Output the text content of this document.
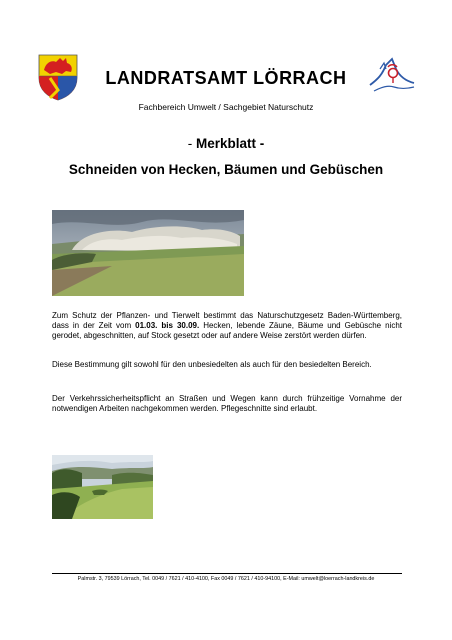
LANDRATSAMT LÖRRACH
Fachbereich Umwelt / Sachgebiet Naturschutz
- Merkblatt -
Schneiden von Hecken, Bäumen und Gebüschen
Zum Schutz der Pflanzen- und Tierwelt bestimmt das Naturschutzgesetz Baden-Württemberg, dass in der Zeit vom 01.03. bis 30.09. Hecken, lebende Zäune, Bäume und Gebüsche nicht gerodet, abgeschnitten, auf Stock gesetzt oder auf andere Weise zerstört werden dürfen.
Diese Bestimmung gilt sowohl für den unbesiedelten als auch für den besiedelten Bereich.
Der Verkehrssicherheitspflicht an Straßen und Wegen kann durch frühzeitige Vornahme der notwendigen Arbeiten nachgekommen werden. Pflegeschnitte sind erlaubt.
Palmstr. 3, 79539 Lörrach, Tel. 0049 / 7621 / 410-4100, Fax 0049 / 7621 / 410-94100, E-Mail: umwelt@loerrach-landkreis.de
